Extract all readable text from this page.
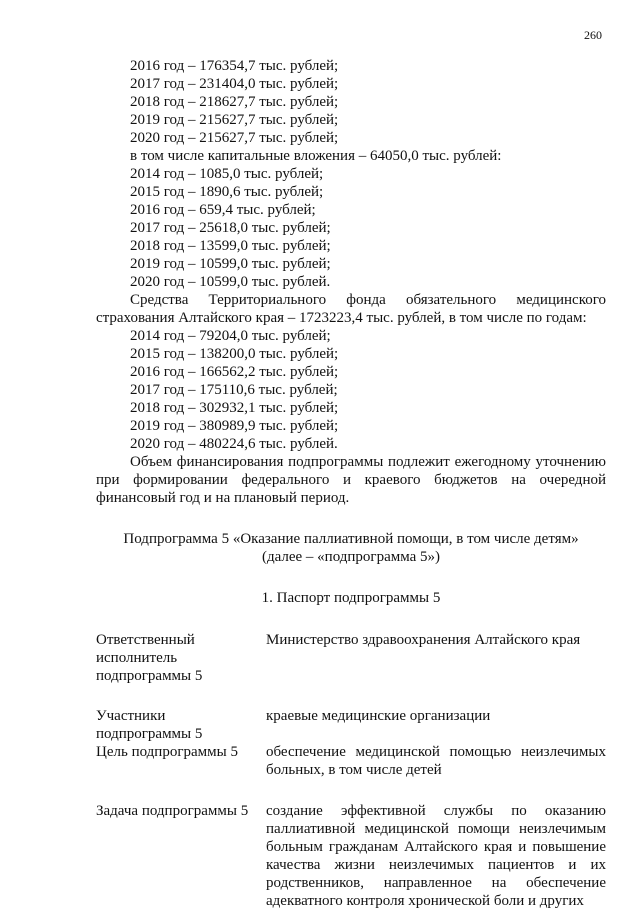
260
2016 год – 176354,7 тыс. рублей;
2017 год – 231404,0 тыс. рублей;
2018 год – 218627,7 тыс. рублей;
2019 год – 215627,7 тыс. рублей;
2020 год – 215627,7 тыс. рублей;
в том числе капитальные вложения – 64050,0 тыс. рублей:
2014 год – 1085,0 тыс. рублей;
2015 год – 1890,6 тыс. рублей;
2016 год – 659,4 тыс. рублей;
2017 год – 25618,0 тыс. рублей;
2018 год – 13599,0 тыс. рублей;
2019 год – 10599,0 тыс. рублей;
2020 год – 10599,0 тыс. рублей.
Средства Территориального фонда обязательного медицинского страхования Алтайского края – 1723223,4 тыс. рублей, в том числе по годам:
2014 год – 79204,0 тыс. рублей;
2015 год – 138200,0 тыс. рублей;
2016 год – 166562,2 тыс. рублей;
2017 год – 175110,6 тыс. рублей;
2018 год – 302932,1 тыс. рублей;
2019 год – 380989,9 тыс. рублей;
2020 год – 480224,6 тыс. рублей.
Объем финансирования подпрограммы подлежит ежегодному уточнению при формировании федерального и краевого бюджетов на очередной финансовый год и на плановый период.
Подпрограмма 5 «Оказание паллиативной помощи, в том числе детям»
(далее – «подпрограмма 5»)
1. Паспорт подпрограммы 5
Ответственный исполнитель подпрограммы 5
Министерство здравоохранения Алтайского края
Участники подпрограммы 5
краевые медицинские организации
Цель подпрограммы 5	обеспечение медицинской помощью неизлечимых больных, в том числе детей
Задача подпрограммы 5	создание эффективной службы по оказанию паллиативной медицинской помощи неизлечимым больным гражданам Алтайского края и повышение качества жизни неизлечимых пациентов и их родственников, направленное на обеспечение адекватного контроля хронической боли и других
